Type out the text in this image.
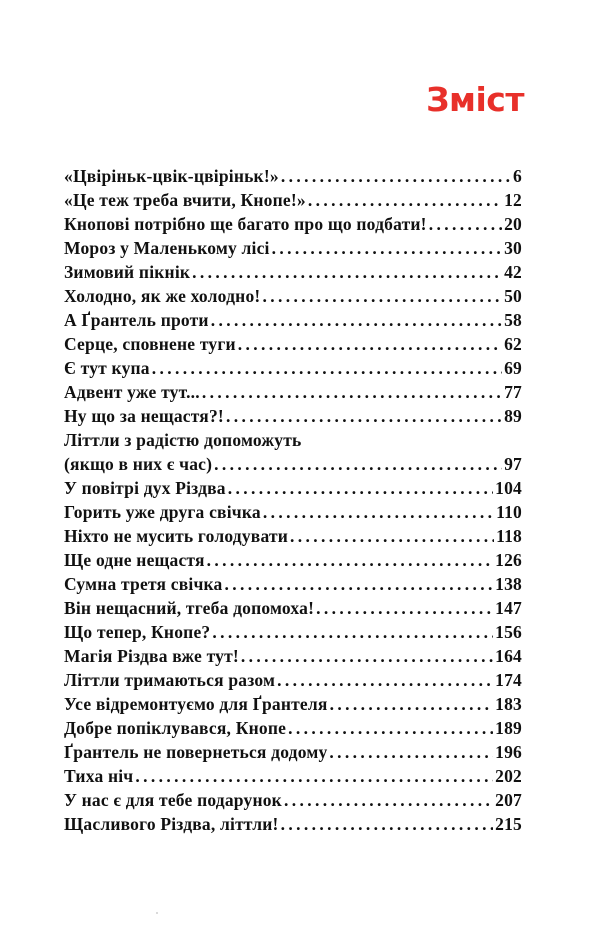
Зміст
«Цвіріньк-цвік-цвіріньк!» . . .	6
«Це теж треба вчити, Кнопе!» . . .	12
Кнопові потрібно ще багато про що подбати! . . .	20
Мороз у Маленькому лісі . . .	30
Зимовий пікнік . . .	42
Холодно, як же холодно! . . .	50
А Ґрантель проти . . .	58
Серце, сповнене туги . . .	62
Є тут купа . . .	69
Адвент уже тут... . . .	77
Ну що за нещастя?! . . .	89
Літтли з радістю допоможуть
(якщо в них є час) . . .	97
У повітрі дух Різдва . . .	104
Горить уже друга свічка . . .	110
Ніхто не мусить голодувати . . .	118
Ще одне нещастя . . .	126
Сумна третя свічка . . .	138
Він нещасний, тгеба допомоха! . . .	147
Що тепер, Кнопе? . . .	156
Магія Різдва вже тут! . . .	164
Літтли тримаються разом . . .	174
Усе відремонтуємо для Ґрантеля . . .	183
Добре попіклувався, Кнопе . . .	189
Ґрантель не повернеться додому . . .	196
Тиха ніч . . .	202
У нас є для тебе подарунок . . .	207
Щасливого Різдва, літтли! . . .	215
